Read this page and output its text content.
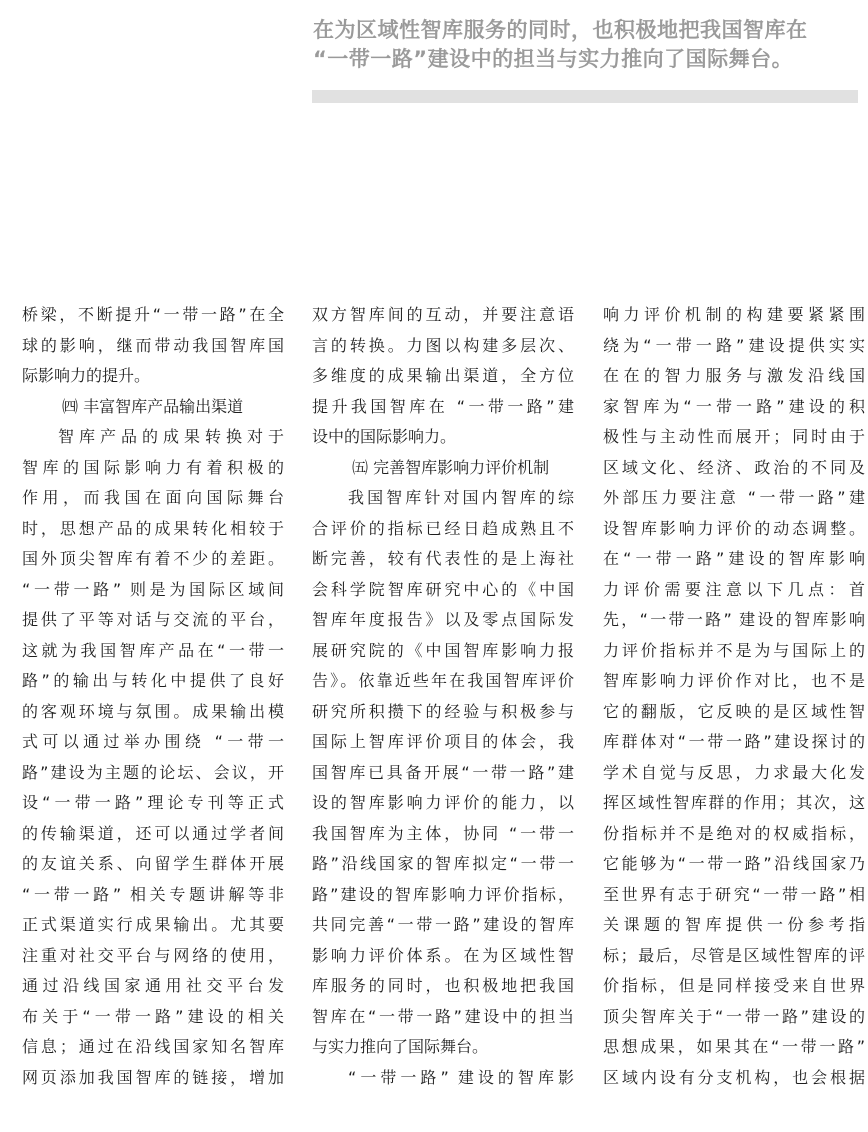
在为区域性智库服务的同时，也积极地把我国智库在
“一带一路”建设中的担当与实力推向了国际舞台。
桥梁，不断提升“一带一路”在全
球的影响，继而带动我国智库国
际影响力的提升。
㈣ 丰富智库产品输出渠道
智库产品的成果转换对于
智库的国际影响力有着积极的
作用，而我国在面向国际舞台
时，思想产品的成果转化相较于
国外顶尖智库有着不少的差距。
“一带一路” 则是为国际区域间
提供了平等对话与交流的平台，
这就为我国智库产品在“一带一
路”的输出与转化中提供了良好
的客观环境与氛围。成果输出模
式可以通过举办围绕 “一带一
路”建设为主题的论坛、会议，开
设“一带一路”理论专刊等正式
的传输渠道，还可以通过学者间
的友谊关系、向留学生群体开展
“一带一路” 相关专题讲解等非
正式渠道实行成果输出。尤其要
注重对社交平台与网络的使用，
通过沿线国家通用社交平台发
布关于“一带一路”建设的相关
信息；通过在沿线国家知名智库
网页添加我国智库的链接，增加
双方智库间的互动，并要注意语
言的转换。力图以构建多层次、
多维度的成果输出渠道，全方位
提升我国智库在 “一带一路”建
设中的国际影响力。
㈤ 完善智库影响力评价机制
我国智库针对国内智库的综
合评价的指标已经日趋成熟且不
断完善，较有代表性的是上海社
会科学院智库研究中心的《中国
智库年度报告》以及零点国际发
展研究院的《中国智库影响力报
告》。依靠近些年在我国智库评价
研究所积攒下的经验与积极参与
国际上智库评价项目的体会，我
国智库已具备开展“一带一路”建
设的智库影响力评价的能力，以
我国智库为主体，协同 “一带一
路”沿线国家的智库拟定“一带一
路”建设的智库影响力评价指标，
共同完善“一带一路”建设的智库
影响力评价体系。在为区域性智
库服务的同时，也积极地把我国
智库在“一带一路”建设中的担当
与实力推向了国际舞台。
“一带一路” 建设的智库影
响力评价机制的构建要紧紧围
绕为“一带一路”建设提供实实
在在的智力服务与激发沿线国
家智库为“一带一路”建设的积
极性与主动性而展开；同时由于
区域文化、经济、政治的不同及
外部压力要注意 “一带一路”建
设智库影响力评价的动态调整。
在“一带一路”建设的智库影响
力评价需要注意以下几点：首
先，“一带一路” 建设的智库影响
力评价指标并不是为与国际上的
智库影响力评价作对比，也不是
它的翻版，它反映的是区域性智
库群体对“一带一路”建设探讨的
学术自觉与反思，力求最大化发
挥区域性智库群的作用；其次，这
份指标并不是绝对的权威指标，
它能够为“一带一路”沿线国家乃
至世界有志于研究“一带一路”相
关课题的智库提供一份参考指
标；最后，尽管是区域性智库的评
价指标，但是同样接受来自世界
顶尖智库关于“一带一路”建设的
思想成果，如果其在“一带一路”
区域内设有分支机构，也会根据
